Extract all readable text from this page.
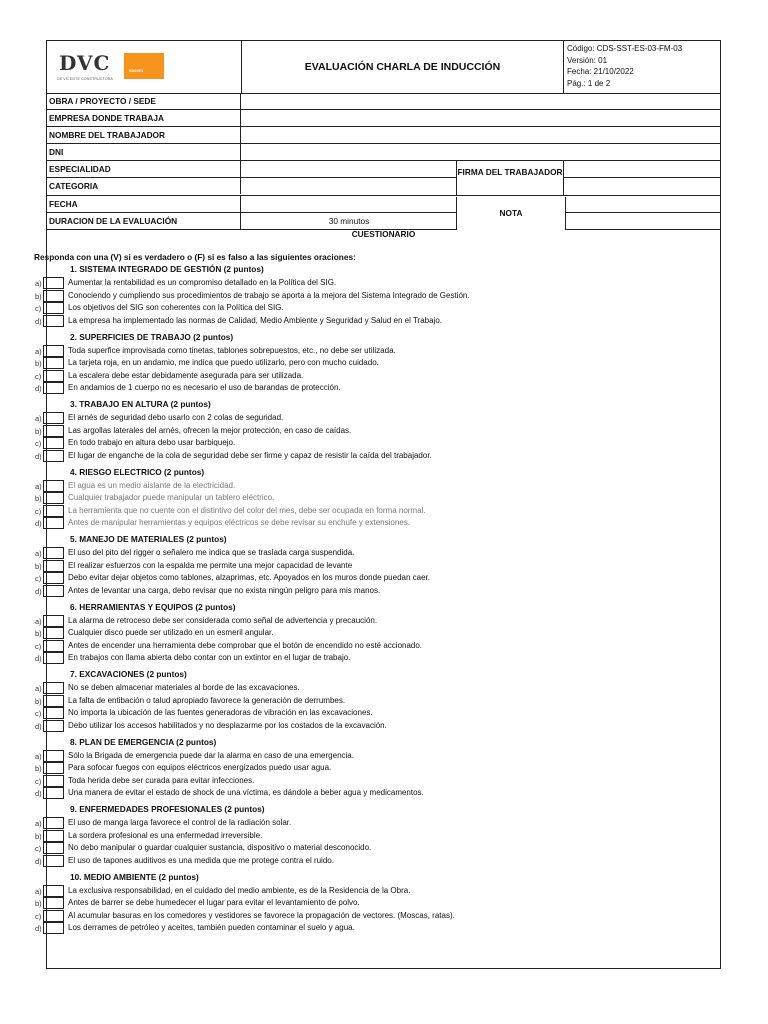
DVC
DE VICENTE CONSTRUCTORA
sacem	EVALUACIÓN CHARLA DE INDUCCIÓN
Código: CDS-SST-ES-03-FM-03
Versión: 01
Fecha: 21/10/2022
Pág.: 1 de 2
OBRA / PROYECTO / SEDE
EMPRESA DONDE TRABAJA
NOMBRE DEL TRABAJADOR
DNI
ESPECIALIDAD
CATEGORIA
FECHA
DURACION DE LA EVALUACIÓN	30 minutos
FIRMA DEL TRABAJADOR
NOTA
CUESTIONARIO
Responda con una (V) si es verdadero o (F) si es falso a las siguientes oraciones:
1. SISTEMA INTEGRADO DE GESTIÓN (2 puntos)
a)	Aumentar la rentabilidad es un compromiso detallado en la Política del SIG.
b)	Conociendo y cumpliendo sus procedimientos de trabajo se aporta a la mejora del Sistema Integrado de Gestión.
c)	Los objetivos del SIG son coherentes con la Política del SIG.
d)	La empresa ha implementado las normas de Calidad, Medio Ambiente y Seguridad y Salud en el Trabajo.
2. SUPERFICIES DE TRABAJO (2 puntos)
a)	Toda superfice improvisada como tinetas, tablones sobrepuestos, etc., no debe ser utilizada.
b)	La tarjeta roja, en un andamio, me indica que puedo utilizarlo, pero con mucho cuidado.
c)	La escalera debe estar debidamente asegurada para ser utilizada.
d)	En andamios de 1 cuerpo no es necesario el uso de barandas de protección.
3. TRABAJO EN ALTURA (2 puntos)
a)	El arnés de seguridad debo usarlo con 2 colas de seguridad.
b)	Las argollas laterales del arnés, ofrecen la mejor protección, en caso de caídas.
c)	En todo trabajo en altura debo usar barbiquejo.
d)	El lugar de enganche de la cola de seguridad debe ser firme y capaz de resistir la caída del trabajador.
4. RIESGO ELECTRICO (2 puntos)
a)	El agua es un medio aislante de la electricidad.
b)	Cualquier trabajador puede manipular un tablero eléctrico.
c)	La herramienta que no cuente con el distintivo del color del mes, debe ser ocupada en forma normal.
d)	Antes de manipular herramientas y equipos eléctricos se debe revisar su enchufe y extensiones.
5. MANEJO DE MATERIALES (2 puntos)
a)	El uso del pito del rigger o señalero me indica que se traslada carga suspendida.
b)	El realizar esfuerzos con la espalda me permite una mejor capacidad de levante
c)	Debo evitar dejar objetos como tablones, alzaprimas, etc. Apoyados en los muros donde puedan caer.
d)	Antes de levantar una carga, debo revisar que no exista ningún peligro para mis manos.
6. HERRAMIENTAS Y EQUIPOS (2 puntos)
a)	La alarma de retroceso debe ser considerada como señal de advertencia y precaución.
b)	Cualquier disco puede ser utilizado en un esmeril angular.
c)	Antes de encender una herramienta debe comprobar que el botón de encendido no esté accionado.
d)	En trabajos con llama abierta debo contar con un extintor en el lugar de trabajo.
7. EXCAVACIONES (2 puntos)
a)	No se deben almacenar materiales al borde de las excavaciones.
b)	La falta de entibación o talud apropiado favorece la generación de derrumbes.
c)	No importa la ubicación de las fuentes generadoras de vibración en las excavaciones.
d)	Debo utilizar los accesos habilitados y no desplazarme por los costados de la excavación.
8. PLAN DE EMERGENCIA (2 puntos)
a)	Sólo la Brigada de emergencia puede dar la alarma en caso de una emergencia.
b)	Para sofocar fuegos con equipos eléctricos energizados puedo usar agua.
c)	Toda herida debe ser curada para evitar infecciones.
d)	Una manera de evitar el estado de shock de una víctima, es dándole a beber agua y medicamentos.
9. ENFERMEDADES PROFESIONALES (2 puntos)
a)	El uso de manga larga favorece el control de la radiación solar.
b)	La sordera profesional es una enfermedad irreversible.
c)	No debo manipular o guardar cualquier sustancia, dispositivo o material desconocido.
d)	El uso de tapones auditivos es una medida que me protege contra el ruido.
10. MEDIO AMBIENTE (2 puntos)
a)	La exclusiva responsabilidad, en el cuidado del medio ambiente, es de la Residencia de la Obra.
b)	Antes de barrer se debe humedecer el lugar para evitar el levantamiento de polvo.
c)	Al acumular basuras en los comedores y vestidores se favorece la propagación de vectores. (Moscas, ratas).
d)	Los derrames de petróleo y aceites, también pueden contaminar el suelo y agua.
